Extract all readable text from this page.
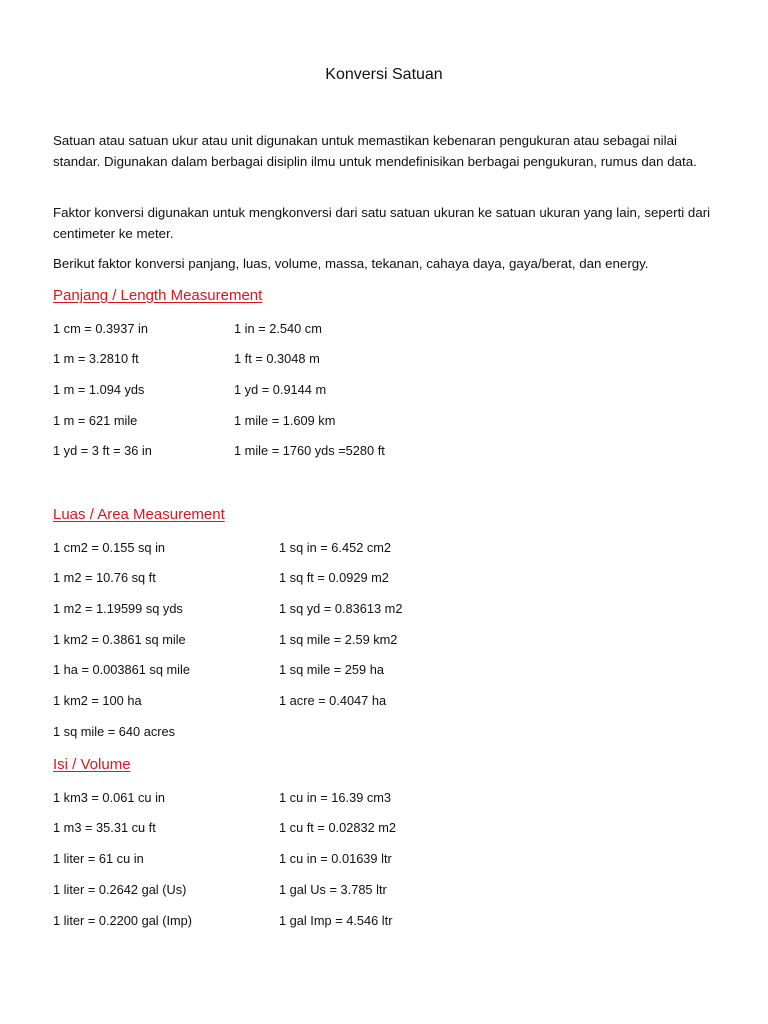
Konversi Satuan
Satuan atau satuan ukur atau unit digunakan untuk memastikan kebenaran pengukuran atau sebagai nilai standar. Digunakan dalam berbagai disiplin ilmu untuk mendefinisikan berbagai pengukuran, rumus dan data.
Faktor konversi digunakan untuk mengkonversi dari satu satuan ukuran ke satuan ukuran yang lain, seperti dari centimeter ke meter.
Berikut faktor konversi panjang, luas, volume, massa, tekanan, cahaya daya, gaya/berat, dan energy.
Panjang / Length Measurement
1 cm = 0.3937 in	1 in = 2.540 cm
1 m = 3.2810 ft	1 ft = 0.3048 m
1 m = 1.094 yds	1 yd = 0.9144 m
1 m = 621 mile	1 mile = 1.609 km
1 yd = 3 ft = 36 in	1 mile = 1760 yds =5280 ft
Luas / Area Measurement
1 cm2 = 0.155 sq in	1 sq in = 6.452 cm2
1 m2 = 10.76 sq ft	1 sq ft = 0.0929 m2
1 m2 = 1.19599 sq yds	1 sq yd = 0.83613 m2
1 km2 = 0.3861 sq mile	1 sq mile = 2.59 km2
1 ha = 0.003861 sq mile	1 sq mile = 259 ha
1 km2 = 100 ha	1 acre = 0.4047 ha
1 sq mile = 640 acres
Isi / Volume
1 km3 = 0.061 cu in	1 cu in = 16.39 cm3
1 m3 = 35.31 cu ft	1 cu ft = 0.02832 m2
1 liter = 61 cu in	1 cu in = 0.01639 ltr
1 liter = 0.2642 gal (Us)	1 gal Us = 3.785 ltr
1 liter = 0.2200 gal (Imp)	1 gal Imp = 4.546 ltr
